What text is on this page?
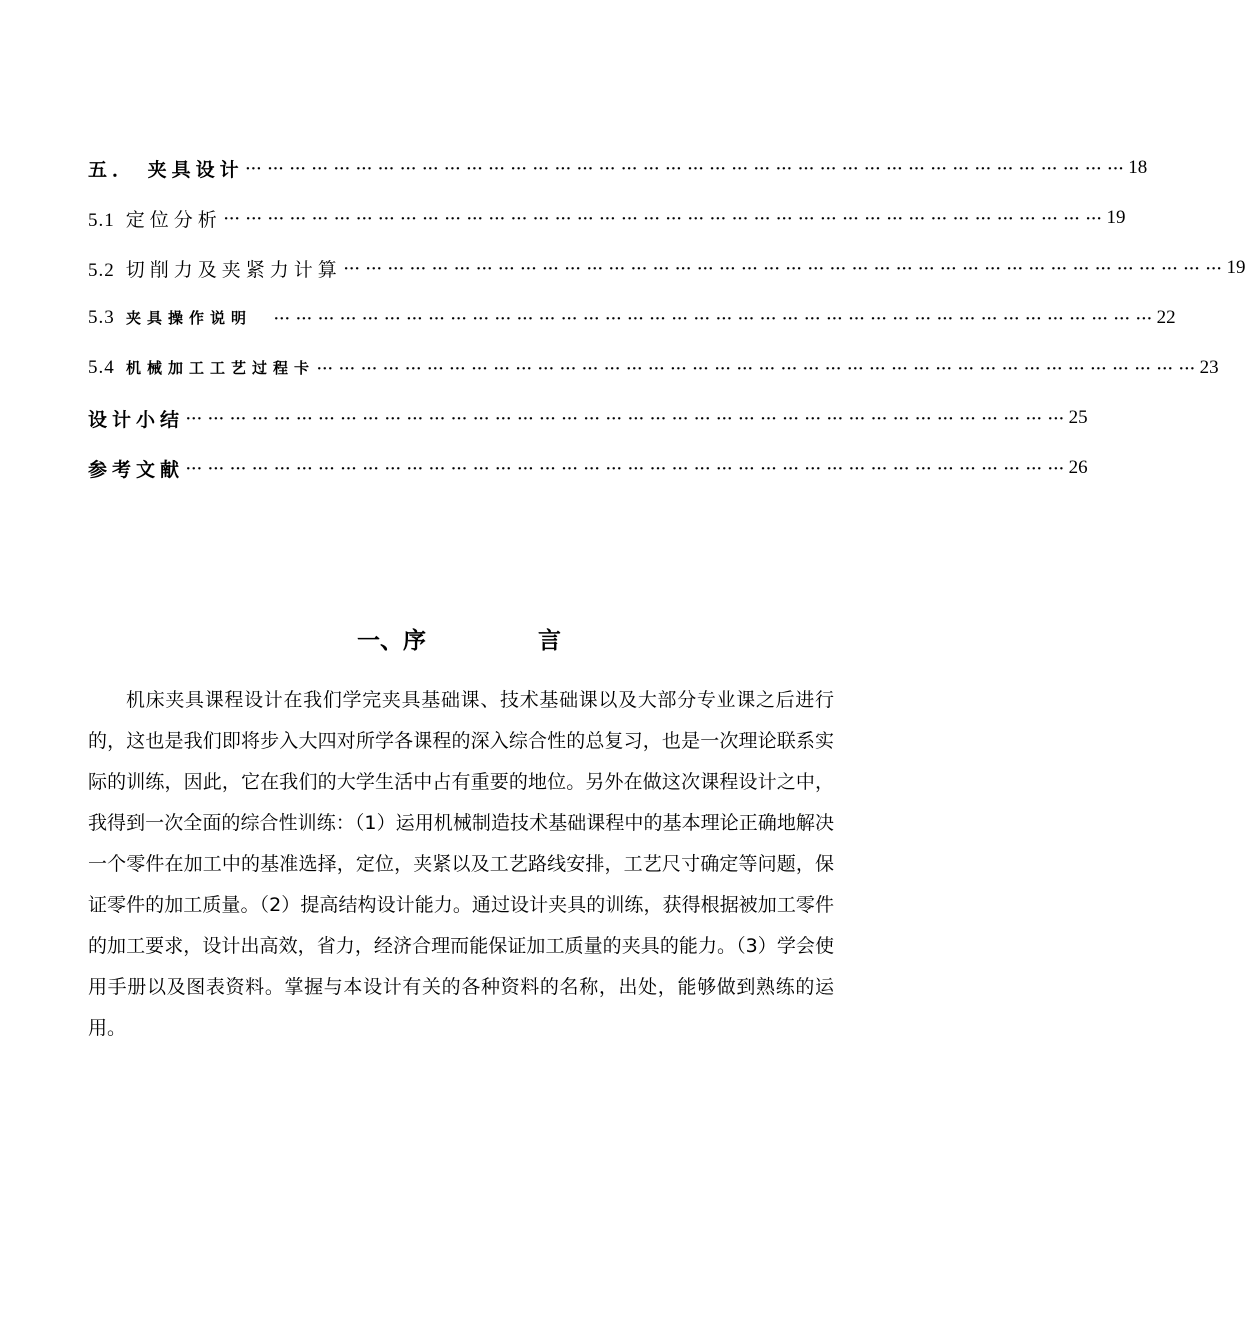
五． 夹具设计 ··· ··· ··· ··· ··· ··· ··· ··· ··· ··· ··· ··· ··· ··· ··· ··· ··· ··· ··· ··· ··· ··· ··· ··· ··· ··· ··· ··· ··· ··· ··· ··· ··· ··· ··· ··· ··· ··· ··· ··· 18
5.1 定位分析 ··· ··· ··· ··· ··· ··· ··· ··· ··· ··· ··· ··· ··· ··· ··· ··· ··· ··· ··· ··· ··· ··· ··· ··· ··· ··· ··· ··· ··· ··· ··· ··· ··· ··· ··· ··· ··· ··· ··· ··· 19
5.2 切削力及夹紧力计算 ··· ··· ··· ··· ··· ··· ··· ··· ··· ··· ··· ··· ··· ··· ··· ··· ··· ··· ··· ··· ··· ··· ··· ··· ··· ··· ··· ··· ··· ··· ··· ··· ··· ··· ··· ··· ··· ··· ··· ··· 19
5.3 夹具操作说明 ··· ··· ··· ··· ··· ··· ··· ··· ··· ··· ··· ··· ··· ··· ··· ··· ··· ··· ··· ··· ··· ··· ··· ··· ··· ··· ··· ··· ··· ··· ··· ··· ··· ··· ··· ··· ··· ··· ··· ··· 22
5.4 机械加工工艺过程卡 ··· ··· ··· ··· ··· ··· ··· ··· ··· ··· ··· ··· ··· ··· ··· ··· ··· ··· ··· ··· ··· ··· ··· ··· ··· ··· ··· ··· ··· ··· ··· ··· ··· ··· ··· ··· ··· ··· ··· ··· 23
设计小结 ··· ··· ··· ··· ··· ··· ··· ··· ··· ··· ··· ··· ··· ··· ··· ··· ··· ··· ··· ··· ··· ··· ··· ··· ··· ··· ··· ··· ··· ··· ··· ··· ··· ··· ··· ··· ··· ··· ··· ··· 25
参考文献 ··· ··· ··· ··· ··· ··· ··· ··· ··· ··· ··· ··· ··· ··· ··· ··· ··· ··· ··· ··· ··· ··· ··· ··· ··· ··· ··· ··· ··· ··· ··· ··· ··· ··· ··· ··· ··· ··· ··· ··· 26
一、序	言

机床夹具课程设计在我们学完夹具基础课、技术基础课以及大部分专业课之后进行的，这也是我们即将步入大四对所学各课程的深入综合性的总复习，也是一次理论联系实际的训练，因此，它在我们的大学生活中占有重要的地位。另外在做这次课程设计之中，我得到一次全面的综合性训练：（1）运用机械制造技术基础课程中的基本理论正确地解决一个零件在加工中的基准选择，定位，夹紧以及工艺路线安排，工艺尺寸确定等问题，保证零件的加工质量。（2）提高结构设计能力。通过设计夹具的训练，获得根据被加工零件的加工要求，设计出高效，省力，经济合理而能保证加工质量的夹具的能力。（3）学会使用手册以及图表资料。掌握与本设计有关的各种资料的名称，出处，能够做到熟练的运用。
